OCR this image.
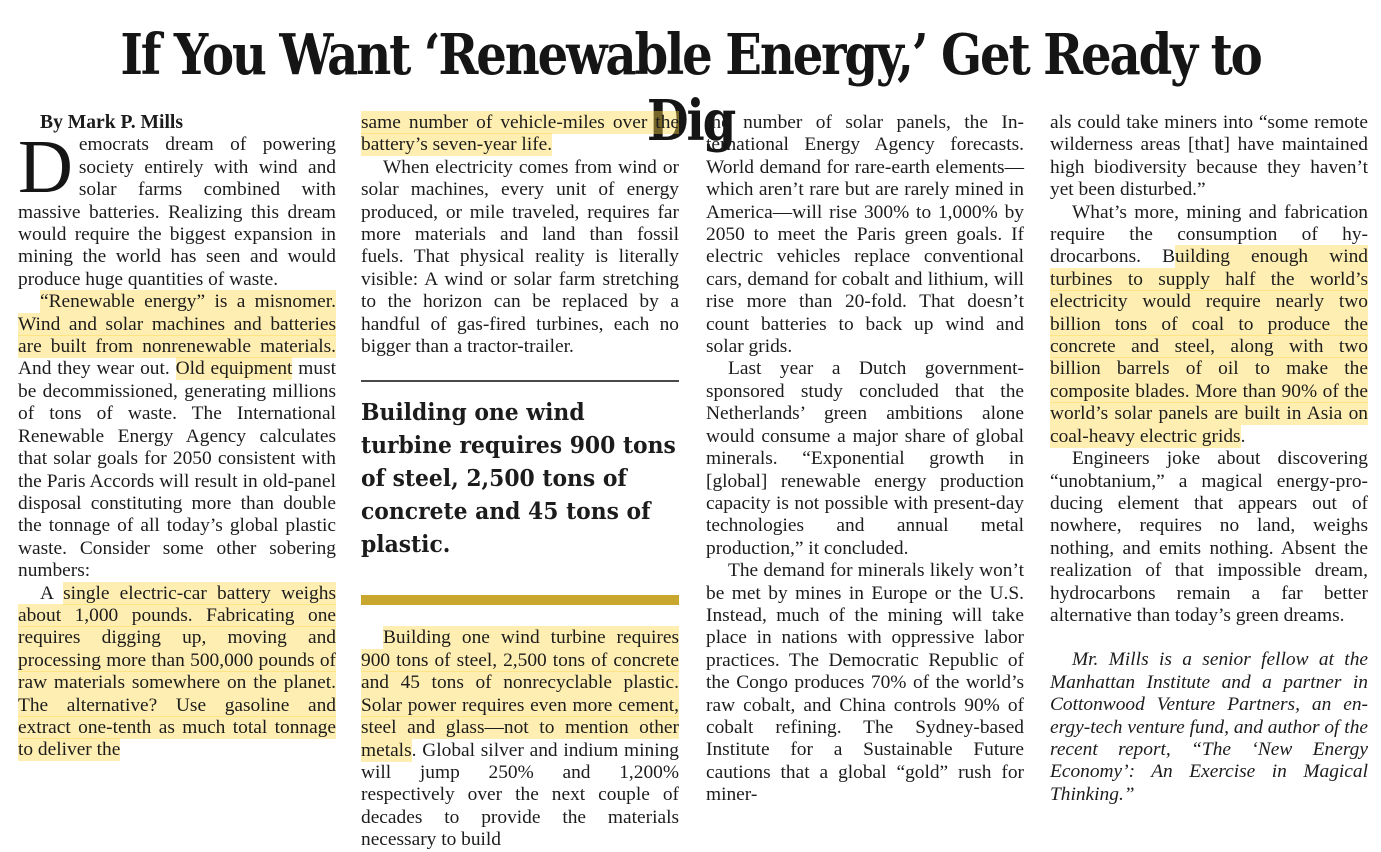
If You Want ‘Renewable Energy,’ Get Ready to Dig

By Mark P. Mills

Democrats dream of powering society entirely with wind and solar farms combined with massive batteries. Realizing this dream would require the biggest expansion in mining the world has seen and would produce huge quantities of waste.

“Renewable energy” is a misnomer. Wind and solar machines and batteries are built from nonrenewable materials. And they wear out. Old equipment must be decommissioned, generating millions of tons of waste. The International Renewable Energy Agency calculates that solar goals for 2050 consistent with the Paris Accords will result in old-panel disposal constituting more than double the tonnage of all today’s global plastic waste. Consider some other sobering numbers:

A single electric-car battery weighs about 1,000 pounds. Fabricating one requires digging up, moving and processing more than 500,000 pounds of raw materials somewhere on the planet. The alternative? Use gasoline and extract one-tenth as much total tonnage to deliver the

same number of vehicle-miles over the battery’s seven-year life.

When electricity comes from wind or solar machines, every unit of energy produced, or mile traveled, requires far more materials and land than fossil fuels. That physical reality is literally visible: A wind or solar farm stretching to the horizon can be replaced by a handful of gas-fired turbines, each no bigger than a tractor-trailer.

Building one wind turbine requires 900 tons of steel, 2,500 tons of concrete and 45 tons of plastic.

Building one wind turbine requires 900 tons of steel, 2,500 tons of concrete and 45 tons of nonrecyclable plastic. Solar power requires even more cement, steel and glass—not to mention other metals. Global silver and indium mining will jump 250% and 1,200% respectively over the next couple of decades to provide the materials necessary to build

the number of solar panels, the International Energy Agency forecasts. World demand for rare-earth elements—which aren’t rare but are rarely mined in America—will rise 300% to 1,000% by 2050 to meet the Paris green goals. If electric vehicles replace conventional cars, demand for cobalt and lithium, will rise more than 20-fold. That doesn’t count batteries to back up wind and solar grids.

Last year a Dutch government-sponsored study concluded that the Netherlands’ green ambitions alone would consume a major share of global minerals. “Exponential growth in [global] renewable energy production capacity is not possible with present-day technologies and annual metal production,” it concluded.

The demand for minerals likely won’t be met by mines in Europe or the U.S. Instead, much of the mining will take place in nations with oppressive labor practices. The Democratic Republic of the Congo produces 70% of the world’s raw cobalt, and China controls 90% of cobalt refining. The Sydney-based Institute for a Sustainable Future cautions that a global “gold” rush for miner-

als could take miners into “some remote wilderness areas [that] have maintained high biodiversity because they haven’t yet been disturbed.”

What’s more, mining and fabrication require the consumption of hydrocarbons. Building enough wind turbines to supply half the world’s electricity would require nearly two billion tons of coal to produce the concrete and steel, along with two billion barrels of oil to make the composite blades. More than 90% of the world’s solar panels are built in Asia on coal-heavy electric grids.

Engineers joke about discovering “unobtanium,” a magical energy-producing element that appears out of nowhere, requires no land, weighs nothing, and emits nothing. Absent the realization of that impossible dream, hydrocarbons remain a far better alternative than today’s green dreams.

Mr. Mills is a senior fellow at the Manhattan Institute and a partner in Cottonwood Venture Partners, an energy-tech venture fund, and author of the recent report, “The ‘New Energy Economy’: An Exercise in Magical Thinking.”
